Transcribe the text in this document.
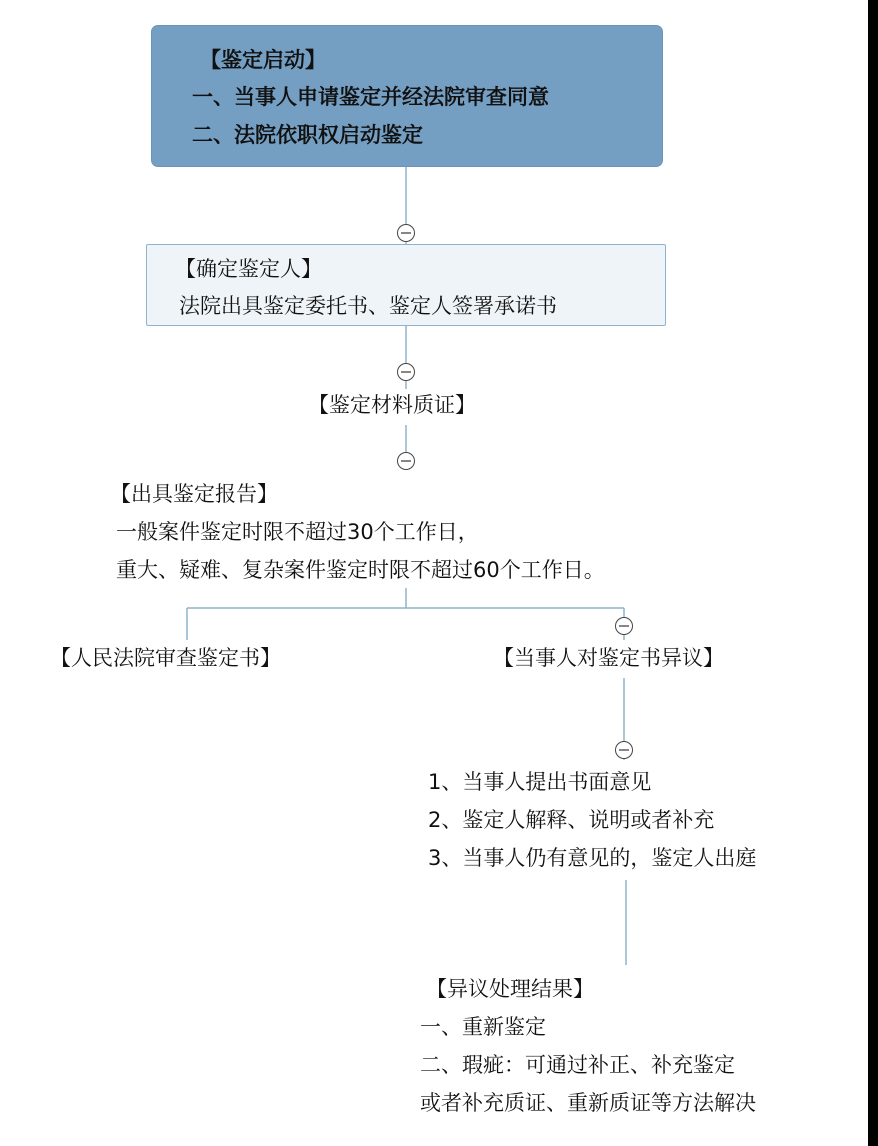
【鉴定启动】
一、当事人申请鉴定并经法院审查同意
二、法院依职权启动鉴定
【确定鉴定人】
法院出具鉴定委托书、鉴定人签署承诺书
【鉴定材料质证】
【出具鉴定报告】
一般案件鉴定时限不超过30个工作日，
重大、疑难、复杂案件鉴定时限不超过60个工作日。
【人民法院审查鉴定书】	【当事人对鉴定书异议】
1、当事人提出书面意见
2、鉴定人解释、说明或者补充
3、当事人仍有意见的，鉴定人出庭
【异议处理结果】
一、重新鉴定
二、瑕疵：可通过补正、补充鉴定
或者补充质证、重新质证等方法解决
